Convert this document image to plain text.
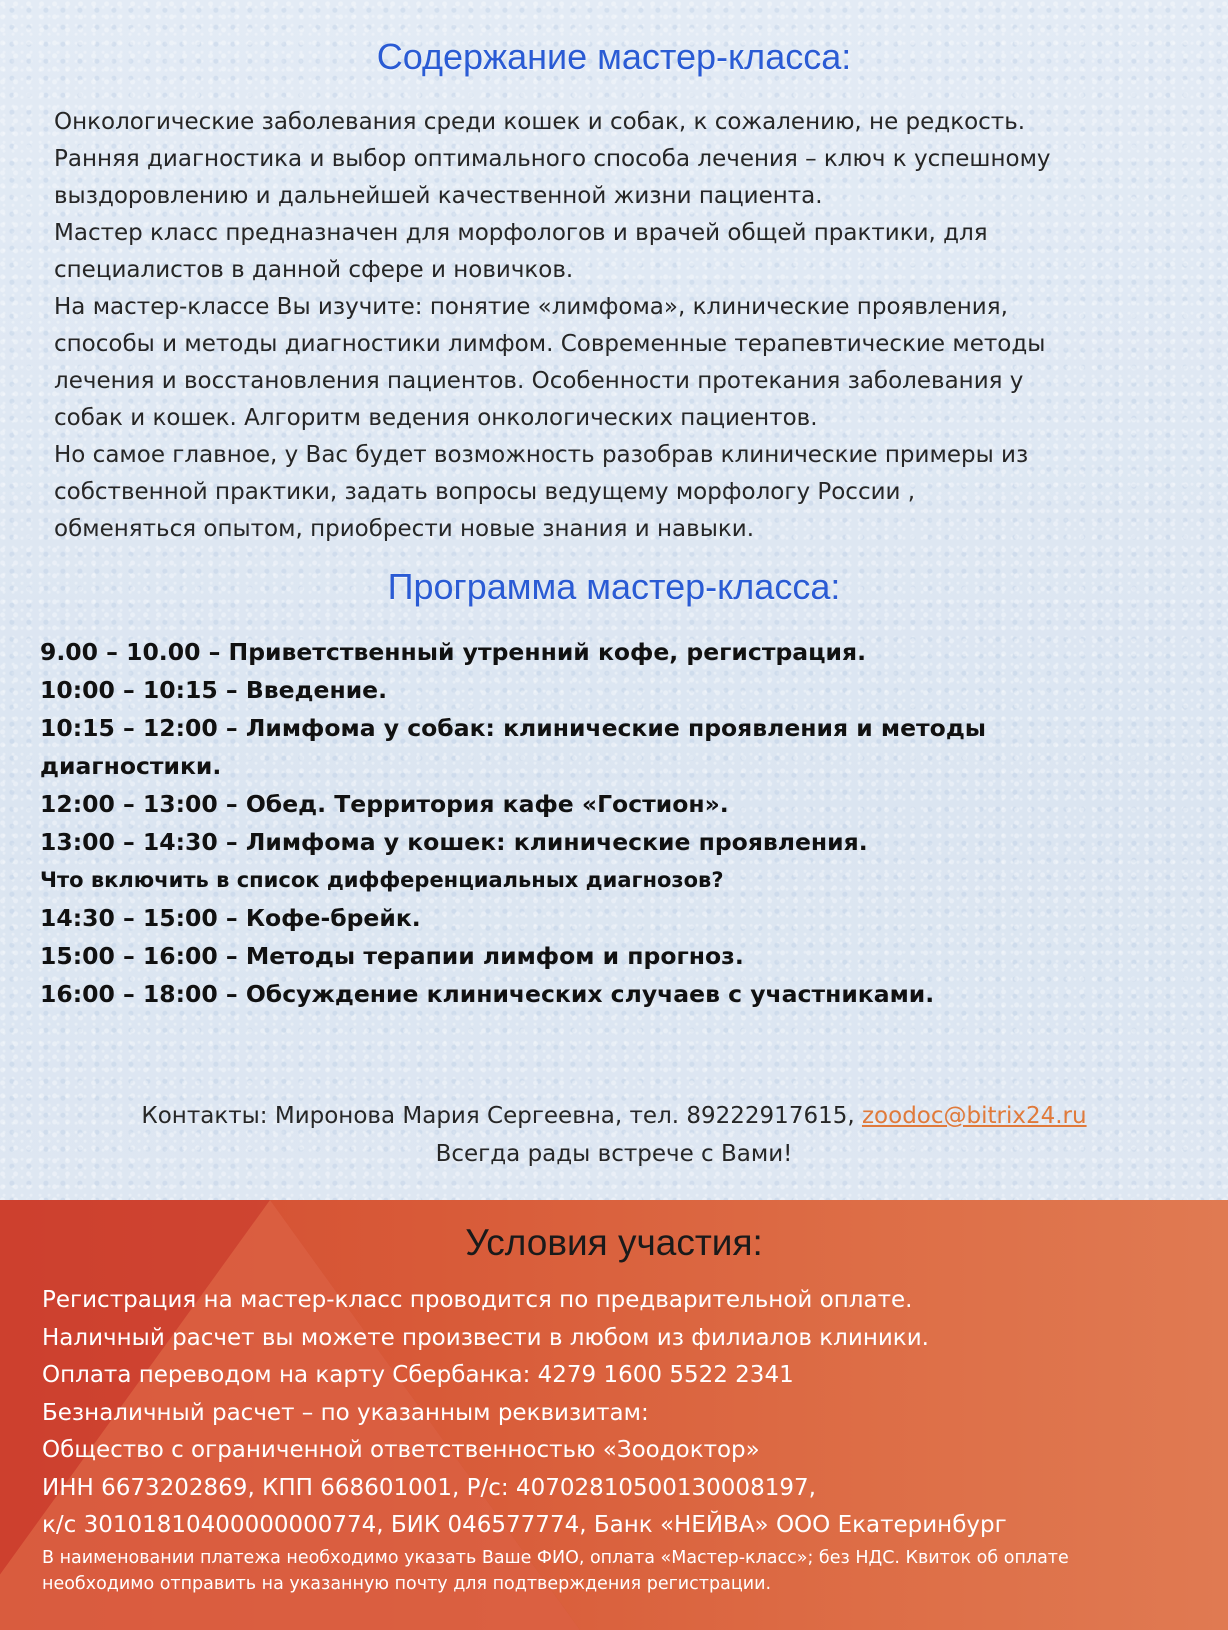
Содержание мастер-класса:

Онкологические заболевания среди кошек и собак, к сожалению, не редкость.

Ранняя диагностика и выбор оптимального способа лечения – ключ к успешному

выздоровлению и дальнейшей качественной жизни пациента.

Мастер класс предназначен для морфологов и врачей общей практики, для

специалистов в данной сфере и новичков.

На мастер-классе Вы изучите: понятие «лимфома», клинические проявления,

способы и методы диагностики лимфом. Современные терапевтические методы

лечения и восстановления пациентов. Особенности протекания заболевания у

собак и кошек. Алгоритм ведения онкологических пациентов.

Но самое главное, у Вас будет возможность разобрав клинические примеры из

собственной практики, задать вопросы ведущему морфологу России ,

обменяться опытом, приобрести новые знания и навыки.

Программа мастер-класса:

9.00 – 10.00 – Приветственный утренний кофе, регистрация.

10:00 – 10:15 – Введение.

10:15 – 12:00 – Лимфома у собак: клинические проявления и методы

диагностики.

12:00 – 13:00 – Обед. Территория кафе «Гостион».

13:00 – 14:30 – Лимфома у кошек: клинические проявления.

Что включить в список дифференциальных диагнозов?

14:30 – 15:00 – Кофе-брейк.

15:00 – 16:00 – Методы терапии лимфом и прогноз.

16:00 – 18:00 – Обсуждение клинических случаев с участниками.

Контакты: Миронова Мария Сергеевна, тел. 89222917615, zoodoc@bitrix24.ru

Всегда рады встрече с Вами!

Условия участия:

Регистрация на мастер-класс проводится по предварительной оплате.

Наличный расчет вы можете произвести в любом из филиалов клиники.

Оплата переводом на карту Сбербанка: 4279 1600 5522 2341

Безналичный расчет – по указанным реквизитам:

Общество с ограниченной ответственностью «Зоодоктор»

ИНН 6673202869, КПП 668601001, Р/с: 40702810500130008197,

к/с 30101810400000000774, БИК 046577774, Банк «НЕЙВА» ООО Екатеринбург

В наименовании платежа необходимо указать Ваше ФИО, оплата «Мастер-класс»; без НДС. Квиток об оплате необходимо отправить на указанную почту для подтверждения регистрации.
